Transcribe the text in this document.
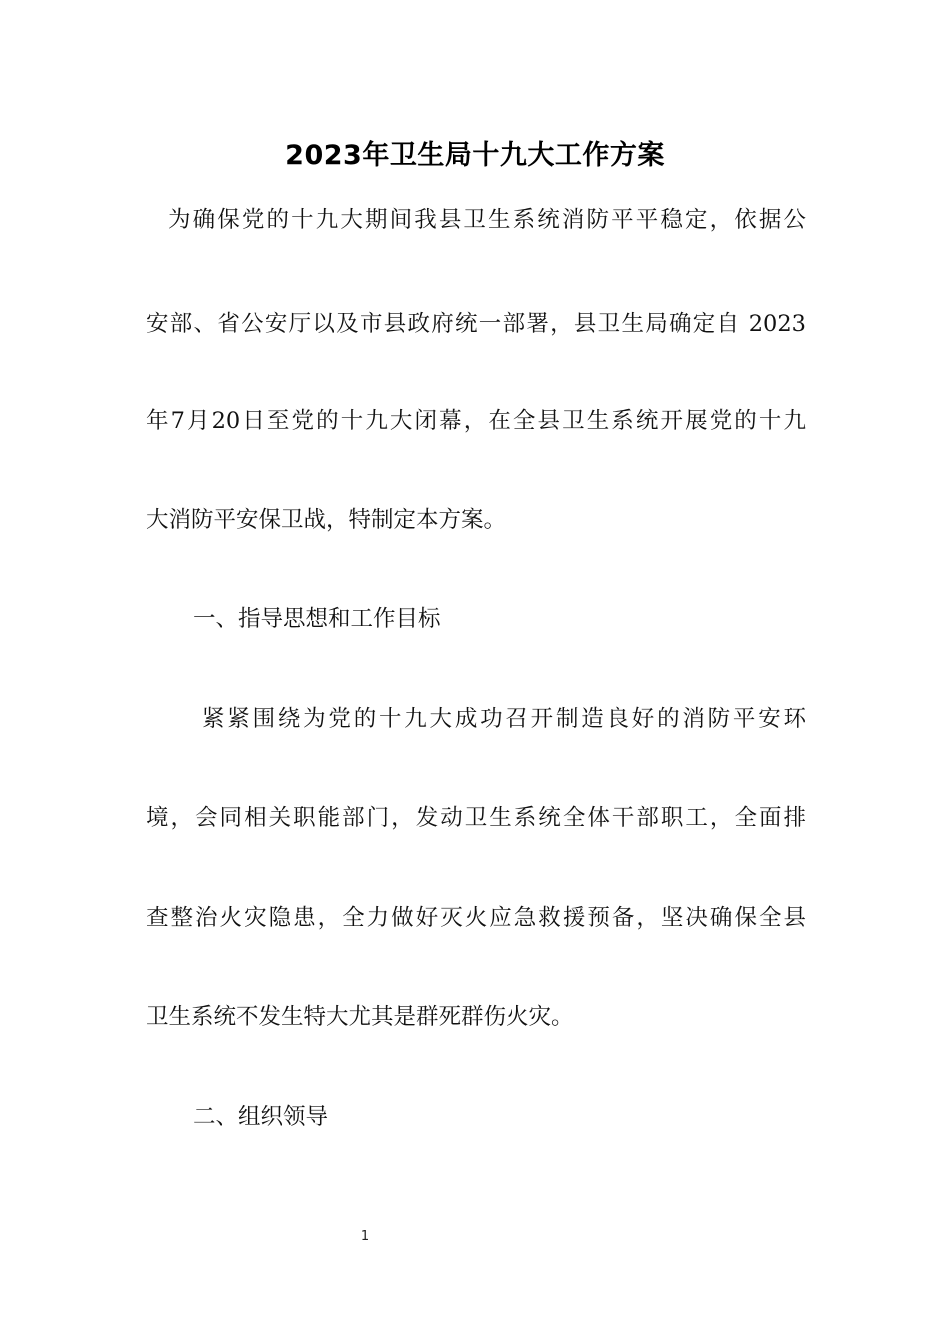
2023年卫生局十九大工作方案
为确保党的十九大期间我县卫生系统消防平平稳定，依据公
安部、省公安厅以及市县政府统一部署，县卫生局确定自 2023
年7月20日至党的十九大闭幕，在全县卫生系统开展党的十九
大消防平安保卫战，特制定本方案。
一、指导思想和工作目标
紧紧围绕为党的十九大成功召开制造良好的消防平安环
境，会同相关职能部门，发动卫生系统全体干部职工，全面排
查整治火灾隐患，全力做好灭火应急救援预备，坚决确保全县
卫生系统不发生特大尤其是群死群伤火灾。
二、组织领导
1
